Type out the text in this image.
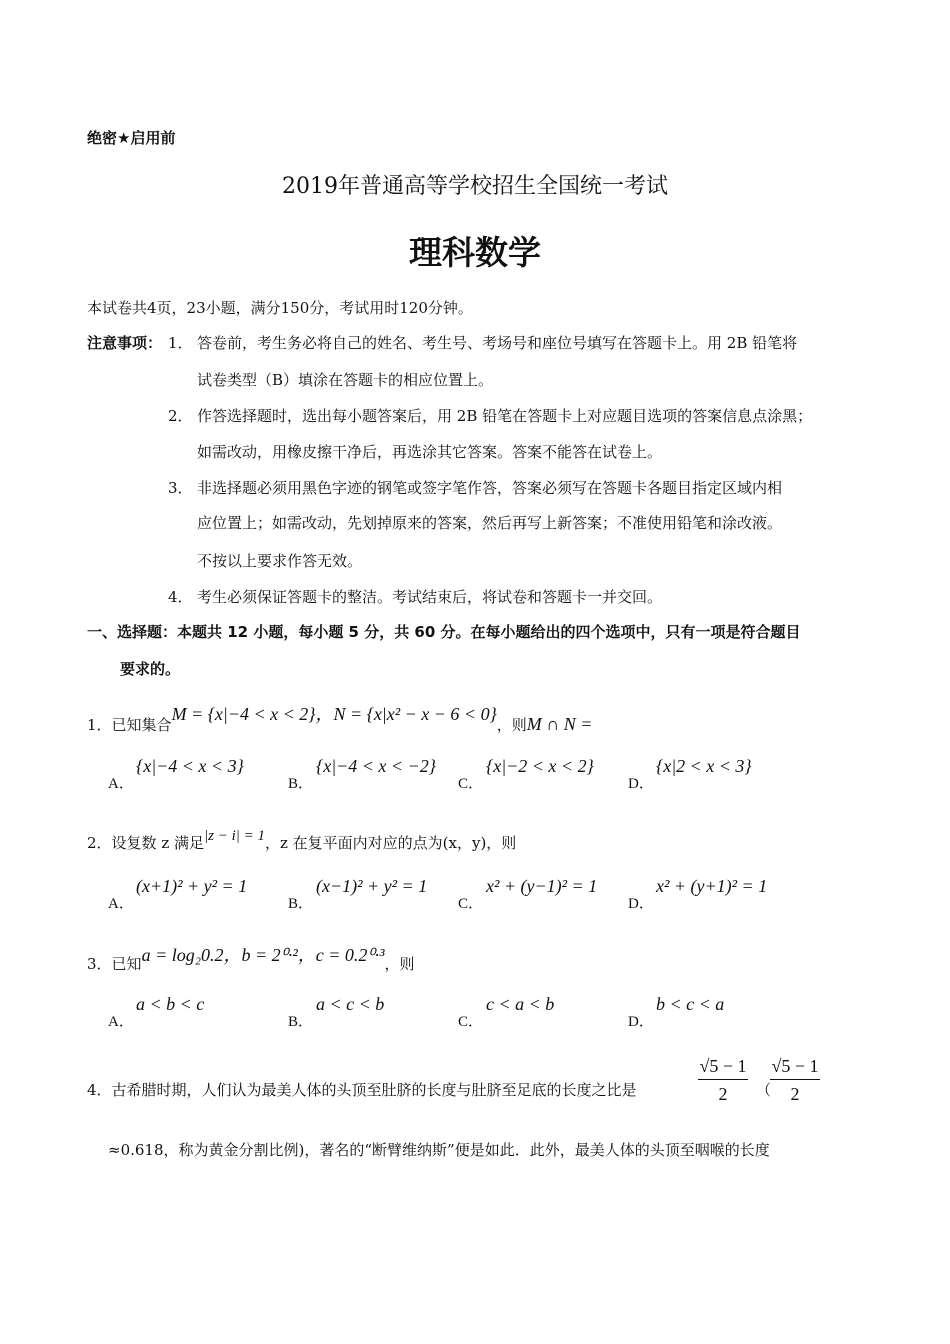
绝密★启用前
2019年普通高等学校招生全国统一考试
理科数学
本试卷共4页，23小题，满分150分，考试用时120分钟。
注意事项： 1． 答卷前，考生务必将自己的姓名、考生号、考场号和座位号填写在答题卡上。用 2B 铅笔将
试卷类型（B）填涂在答题卡的相应位置上。
2． 作答选择题时，选出每小题答案后，用 2B 铅笔在答题卡上对应题目选项的答案信息点涂黑；
如需改动，用橡皮擦干净后，再选涂其它答案。答案不能答在试卷上。
3． 非选择题必须用黑色字迹的钢笔或签字笔作答，答案必须写在答题卡各题目指定区域内相
应位置上；如需改动，先划掉原来的答案，然后再写上新答案；不准使用铅笔和涂改液。
不按以上要求作答无效。
4． 考生必须保证答题卡的整洁。考试结束后，将试卷和答题卡一并交回。
一、选择题：本题共 12 小题，每小题 5 分，共 60 分。在每小题给出的四个选项中，只有一项是符合题目
要求的。
1．已知集合M = {x|−4 < x < 2}，N = {x|x² − x − 6 < 0}，则M ∩ N =
A．
{x|−4 < x < 3}
B．
{x|−4 < x < −2}
C．
{x|−2 < x < 2}
D．
{x|2 < x < 3}
2．设复数 z 满足|z − i| = 1，z 在复平面内对应的点为(x，y)，则
A．
(x+1)² + y² = 1
B．
(x−1)² + y² = 1
C．
x² + (y−1)² = 1
D．
x² + (y+1)² = 1
3．已知a = log₂0.2，b = 2⁰·²，c = 0.2⁰·³，则
A．
a < b < c
B．
a < c < b
C．
c < a < b
D．
b < c < a
4．古希腊时期，人们认为最美人体的头顶至肚脐的长度与肚脐至足底的长度之比是	$\frac{√5 - 1}{2}$ （
$\frac{√5 - 1}{2}$
≈0.618，称为黄金分割比例)，著名的“断臂维纳斯”便是如此．此外，最美人体的头顶至咽喉的长度
